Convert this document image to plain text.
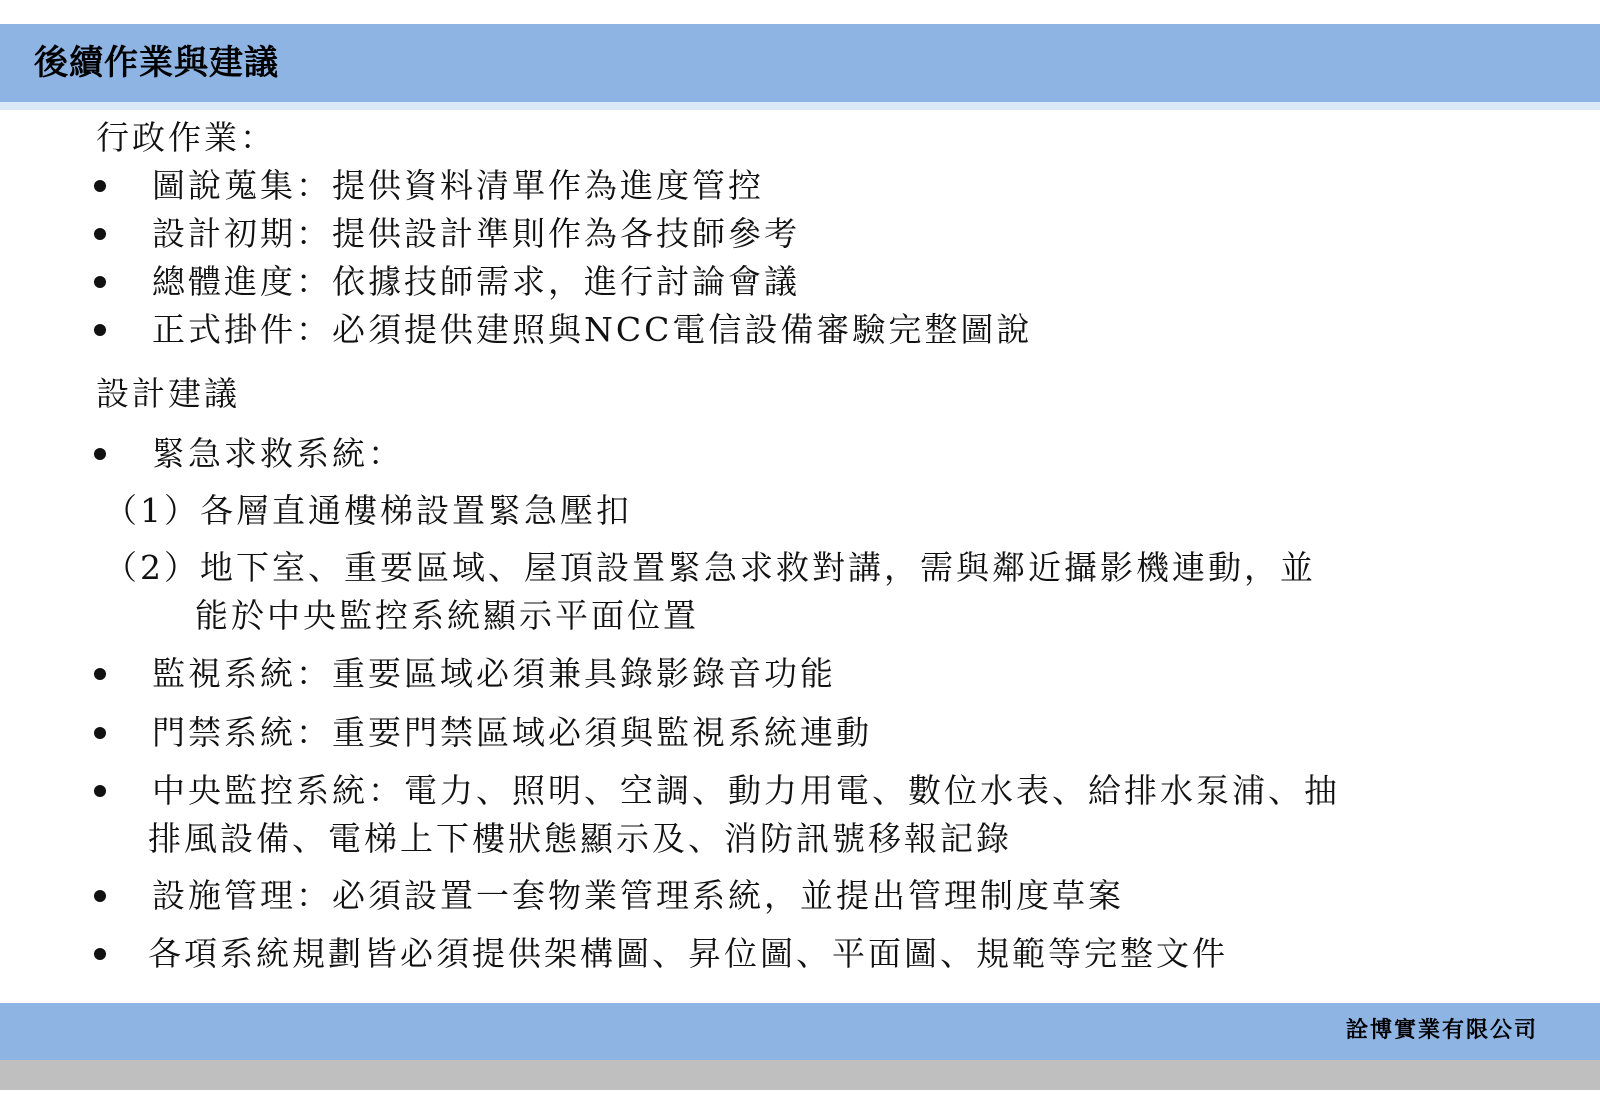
後續作業與建議

行政作業：

圖說蒐集：提供資料清單作為進度管控

設計初期：提供設計準則作為各技師參考

總體進度：依據技師需求，進行討論會議

正式掛件：必須提供建照與NCC電信設備審驗完整圖說

設計建議

緊急求救系統：

（1）各層直通樓梯設置緊急壓扣

（2）地下室、重要區域、屋頂設置緊急求救對講，需與鄰近攝影機連動，並

能於中央監控系統顯示平面位置

監視系統：重要區域必須兼具錄影錄音功能

門禁系統：重要門禁區域必須與監視系統連動

中央監控系統：電力、照明、空調、動力用電、數位水表、給排水泵浦、抽

排風設備、電梯上下樓狀態顯示及、消防訊號移報記錄

設施管理：必須設置一套物業管理系統，並提出管理制度草案

各項系統規劃皆必須提供架構圖、昇位圖、平面圖、規範等完整文件

詮博實業有限公司
